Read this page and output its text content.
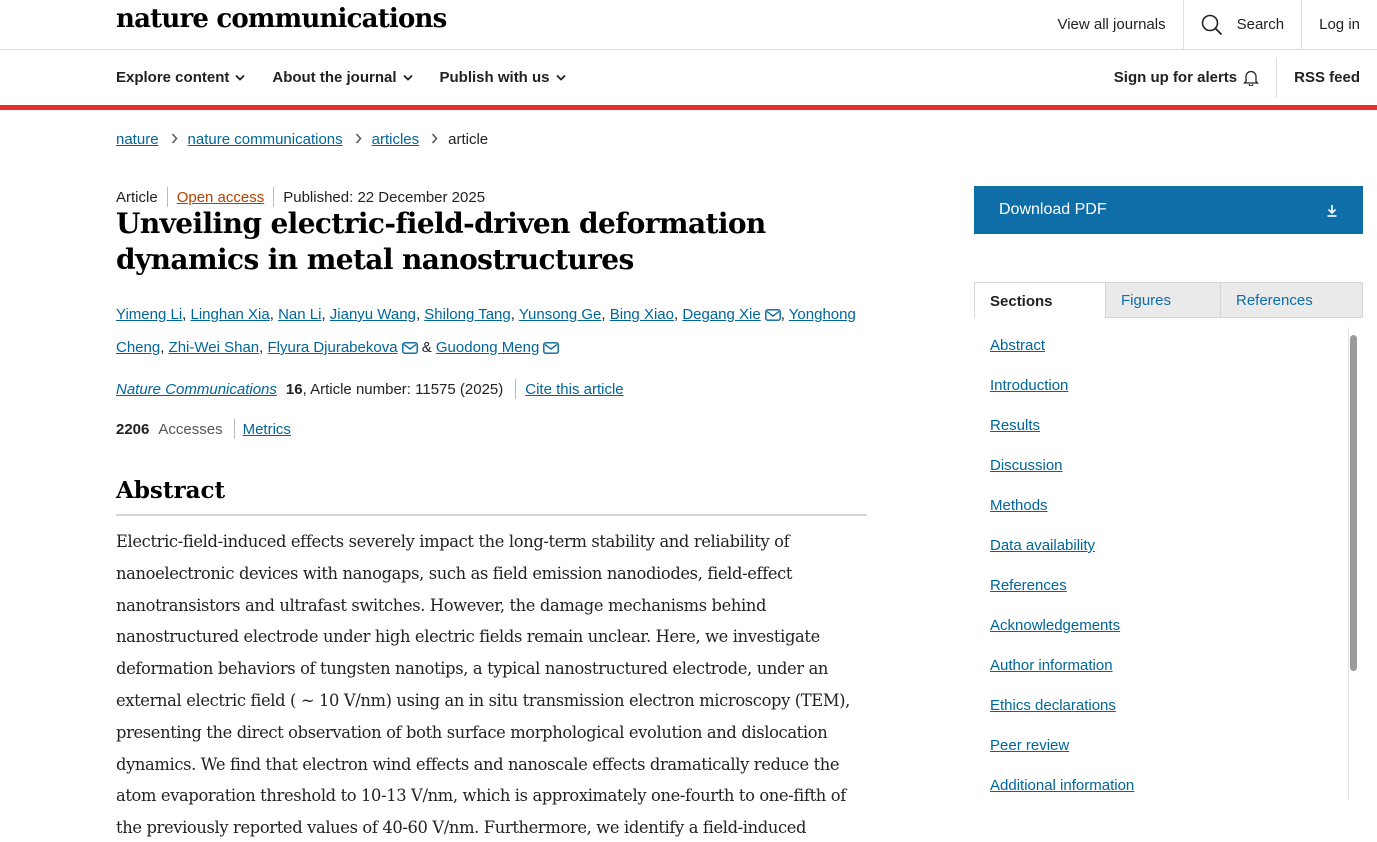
nature communications	View all journals	Search	Log in
Explore content	About the journal	Publish with us	Sign up for alerts	RSS feed
nature nature communications articles article
Article Open access Published: 22 December 2025
Unveiling electric-field-driven deformation dynamics in metal nanostructures
Yimeng Li, Linghan Xia, Nan Li, Jianyu Wang, Shilong Tang, Yunsong Ge, Bing Xiao, Degang Xie , Yonghong Cheng, Zhi-Wei Shan, Flyura Djurabekova & Guodong Meng
Nature Communications 16 , Article number: 11575 (2025) Cite this article
2206 Accesses Metrics
Abstract

Electric-field-induced effects severely impact the long-term stability and reliability of nanoelectronic devices with nanogaps, such as field emission nanodiodes, field-effect nanotransistors and ultrafast switches. However, the damage mechanisms behind nanostructured electrode under high electric fields remain unclear. Here, we investigate deformation behaviors of tungsten nanotips, a typical nanostructured electrode, under an external electric field ( ~ 10 V/nm) using an in situ transmission electron microscopy (TEM), presenting the direct observation of both surface morphological evolution and dislocation dynamics. We find that electron wind effects and nanoscale effects dramatically reduce the atom evaporation threshold to 10-13 V/nm, which is approximately one-fourth to one-fifth of the previously reported values of 40-60 V/nm. Furthermore, we identify a field-induced

Download PDF
Sections	Figures	References
Abstract
Introduction
Results
Discussion
Methods
Data availability
References
Acknowledgements
Author information
Ethics declarations
Peer review
Additional information
